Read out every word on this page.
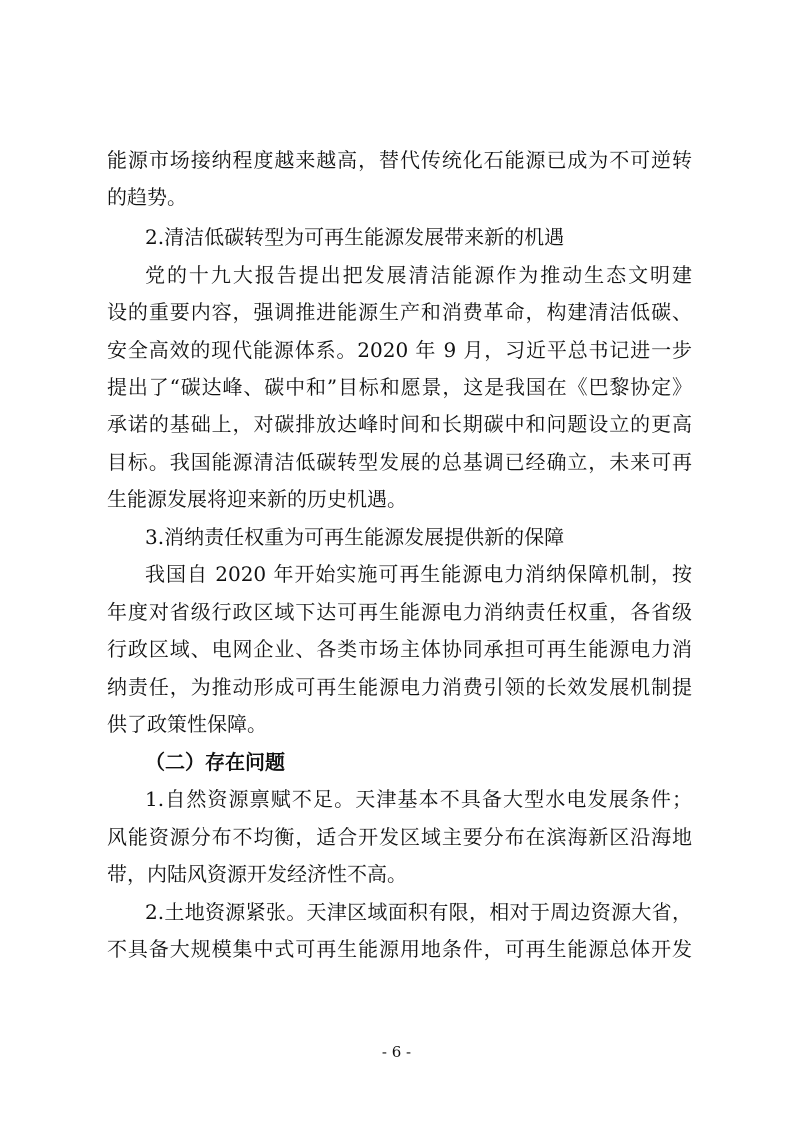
能源市场接纳程度越来越高，替代传统化石能源已成为不可逆转
的趋势。
2.清洁低碳转型为可再生能源发展带来新的机遇
党的十九大报告提出把发展清洁能源作为推动生态文明建
设的重要内容，强调推进能源生产和消费革命，构建清洁低碳、
安全高效的现代能源体系。2020 年 9 月，习近平总书记进一步
提出了“碳达峰、碳中和”目标和愿景，这是我国在《巴黎协定》
承诺的基础上，对碳排放达峰时间和长期碳中和问题设立的更高
目标。我国能源清洁低碳转型发展的总基调已经确立，未来可再
生能源发展将迎来新的历史机遇。
3.消纳责任权重为可再生能源发展提供新的保障
我国自 2020 年开始实施可再生能源电力消纳保障机制，按
年度对省级行政区域下达可再生能源电力消纳责任权重，各省级
行政区域、电网企业、各类市场主体协同承担可再生能源电力消
纳责任，为推动形成可再生能源电力消费引领的长效发展机制提
供了政策性保障。
（二）存在问题
1.自然资源禀赋不足。天津基本不具备大型水电发展条件；
风能资源分布不均衡，适合开发区域主要分布在滨海新区沿海地
带，内陆风资源开发经济性不高。
2.土地资源紧张。天津区域面积有限，相对于周边资源大省，
不具备大规模集中式可再生能源用地条件，可再生能源总体开发
- 6 -
